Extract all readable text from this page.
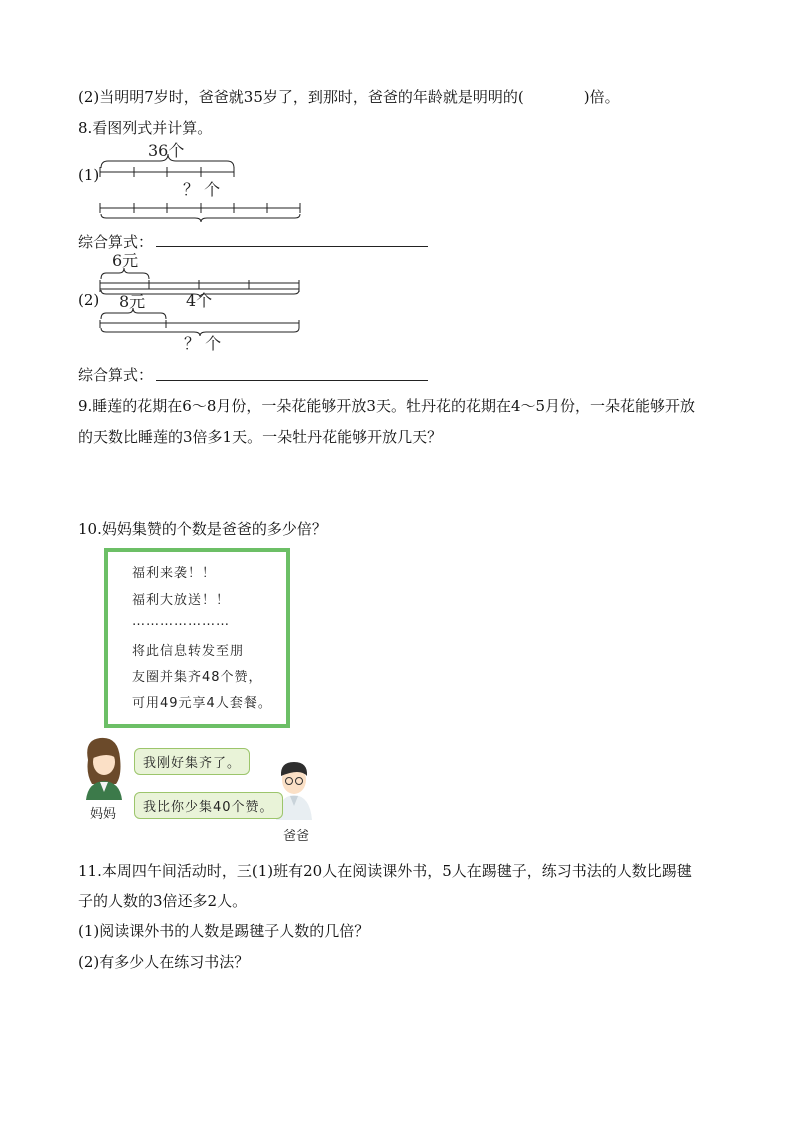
(2)当明明7岁时，爸爸就35岁了，到那时，爸爸的年龄就是明明的(	)倍。
8.看图列式并计算。
36个
？ 个
6元
4个
8元
？ 个
(1)
综合算式：
(2)
综合算式：
9.睡莲的花期在6～8月份，一朵花能够开放3天。牡丹花的花期在4～5月份，一朵花能够开放
的天数比睡莲的3倍多1天。一朵牡丹花能够开放几天？
10.妈妈集赞的个数是爸爸的多少倍？
福利来袭！！
福利大放送！！
…………………
将此信息转发至朋
友圈并集齐48个赞，
可用49元享4人套餐。
我刚好集齐了。
妈妈	我比你少集40个赞。
爸爸
11.本周四午间活动时，三(1)班有20人在阅读课外书，5人在踢毽子，练习书法的人数比踢毽
子的人数的3倍还多2人。
(1)阅读课外书的人数是踢毽子人数的几倍？
(2)有多少人在练习书法？
